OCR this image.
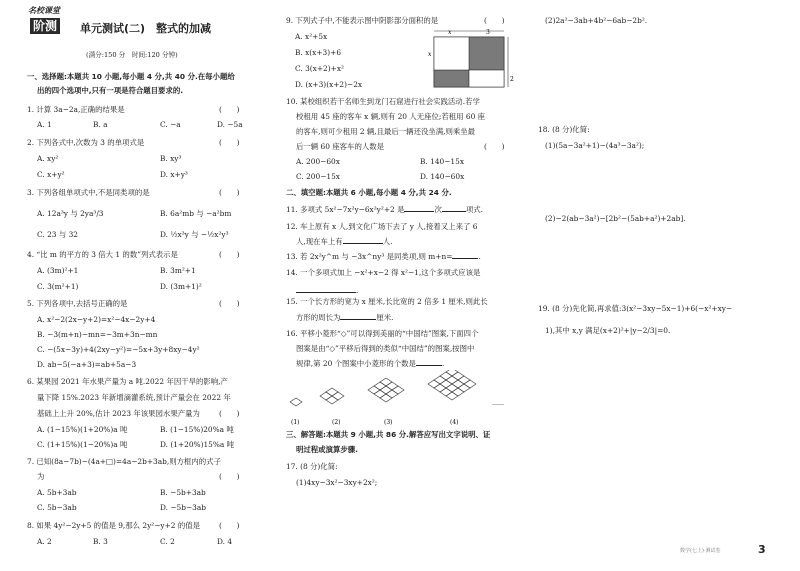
名校课堂
阶测 单元测试(二)　整式的加减
(满分:150 分　时间:120 分钟)
一、选择题:本题共 10 小题,每小题 4 分,共 40 分.在每小题给
出的四个选项中,只有一项是符合题目要求的.
1. 计算 3a−2a,正确的结果是	(　　)
A. 1	B. a	C. −a	D. −5a
2. 下列各式中,次数为 3 的单项式是	(　　)
A. xy²	B. xy³
C. x+y²	D. x+y³
3. 下列各组单项式中,不是同类项的是	(　　)
A. 12a³y 与 2ya³/3	B. 6a²mb 与 −a²bm
C. 23 与 32	D. ½x³y 与 −½x²y³
4. “比 m 的平方的 3 倍大 1 的数”列式表示是	(　　)
A. (3m)²+1	B. 3m²+1
C. 3(m²+1)	D. (3m+1)²
5. 下列各项中,去括号正确的是	(　　)
A. x²−2(2x−y+2)=x²−4x−2y+4
B. −3(m+n)−mn=−3m+3n−mn
C. −(5x−3y)+4(2xy−y²)=−5x+3y+8xy−4y²
D. ab−5(−a+3)=ab+5a−3
6. 某果园 2021 年水果产量为 a 吨.2022 年因干旱的影响,产
量下降 15%.2023 年新增滴灌系统,预计产量会在 2022 年
基础上上升 20%,估计 2023 年该果园水果产量为	(　　)
A. (1−15%)(1+20%)a 吨	B. (1−15%)20%a 吨
C. (1+15%)(1−20%)a 吨	D. (1+20%)15%a 吨
7. 已知(8a−7b)−(4a+□)=4a−2b+3ab,则方框内的式子
为	(　　)
A. 5b+3ab	B. −5b+3ab
C. 5b−3ab	D. −5b−3ab
8. 如果 4y²−2y+5 的值是 9,那么 2y²−y+2 的值是	(　　)
A. 2	B. 3	C. 2	D. 4
9. 下列式子中,不能表示图中阴影部分面积的是	(　　)
A. x²+5x
B. x(x+3)+6
C. 3(x+2)+x²
D. (x+3)(x+2)−2x
x	3
x
2
10. 某校组织若干名师生到龙门石窟进行社会实践活动.若学
校租用 45 座的客车 x 辆,则有 20 人无座位;若租用 60 座
的客车,则可少租用 2 辆,且最后一辆还没坐满,则乘坐最
后一辆 60 座客车的人数是	(　　)
A. 200−60x	B. 140−15x
C. 200−15x	D. 140−60x
二、填空题:本题共 6 小题,每小题 4 分,共 24 分.
11. 多项式 5x²−7x²y−6x²y²+2 是	次	项式.
12. 车上原有 x 人,到文化广场下去了 y 人,接着又上来了 6
人,现在车上有	人.
13. 若 2x²y^m 与 −3x^ny³ 是同类项,则 m+n=	.
14. 一个多项式加上 −x²+x−2 得 x²−1,这个多项式应该是
.
15. 一个长方形的宽为 x 厘米,长比宽的 2 倍多 1 厘米,则此长
方形的周长为	厘米.
16. 平移小菱形“◇”可以得到美丽的“中国结”图案,下面四个
图案是由“◇”平移后得到的类似“中国结”的图案,按图中
规律,第 20 个图案中小菱形的个数是	.
(1)	(2)	(3)	(4)
……
三、解答题:本题共 9 小题,共 86 分.解答应写出文字说明、证
明过程或演算步骤.
17. (8 分)化简:
(1)4xy−3x²−3xy+2x²;
(2)2a²−3ab+4b²−6ab−2b².
18. (8 分)化简:
(1)(5a−3a²+1)−(4a³−3a²);
(2)−2(ab−3a²)−[2b²−(5ab+a²)+2ab].
19. (8 分)先化简,再求值:3(x²−3xy−5x−1)+6(−x²+xy−
1),其中 x,y 满足(x+2)²+|y−2/3|=0.
数学(七上)·测试卷	3
